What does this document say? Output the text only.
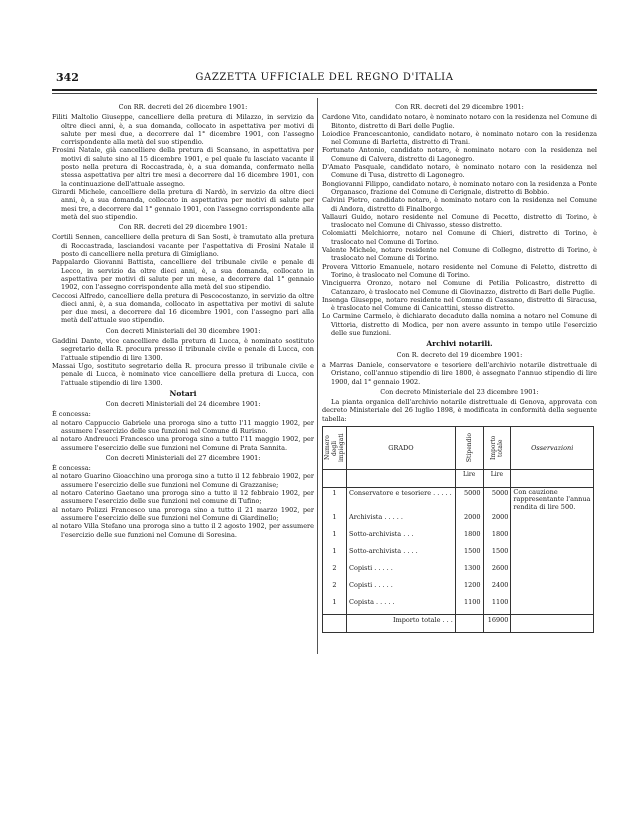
342	GAZZETTA UFFICIALE DEL REGNO D'ITALIA
Con RR. decreti del 26 dicembre 1901:

Filiti Maltolio Giuseppe, cancelliere della pretura di Milazzo, in servizio da oltre dieci anni, è, a sua domanda, collocato in aspettativa per motivi di salute per mesi due, a decorrere dal 1° dicembre 1901, con l'assegno corrispondente alla metà del suo stipendio.

Frosini Natale, già cancelliere della pretura di Scansano, in aspettativa per motivi di salute sino al 15 dicembre 1901, e pel quale fu lasciato vacante il posto nella pretura di Roccastrada, è, a sua domanda, confermato nella stessa aspettativa per altri tre mesi a decorrere dal 16 dicembre 1901, con la continuazione dell'attuale assegno.

Girardi Michele, cancelliere della pretura di Nardò, in servizio da oltre dieci anni, è, a sua domanda, collocato in aspettativa per motivi di salute per mesi tre, a decorrere dal 1° gennaio 1901, con l'assegno corrispondente alla metà del suo stipendio.

Con RR. decreti del 29 dicembre 1901:

Cortili Sennen, cancelliere della pretura di San Sosti, è tramutato alla pretura di Roccastrada, lasciandosi vacante per l'aspettativa di Frosini Natale il posto di cancelliere nella pretura di Gimigliano.

Pappalardo Giovanni Battista, cancelliere del tribunale civile e penale di Lecco, in servizio da oltre dieci anni, è, a sua domanda, collocato in aspettativa per motivi di salute per un mese, a decorrere dal 1° gennaio 1902, con l'assegno corrispondente alla metà del suo stipendio.

Ceccosi Alfredo, cancelliere della pretura di Pescocostanzo, in servizio da oltre dieci anni, è, a sua domanda, collocato in aspettativa per motivi di salute per due mesi, a decorrere dal 16 dicembre 1901, con l'assegno pari alla metà dell'attuale suo stipendio.

Con decreti Ministeriali del 30 dicembre 1901:

Gaddini Dante, vice cancelliere della pretura di Lucca, è nominato sostituto segretario della R. procura presso il tribunale civile e penale di Lucca, con l'attuale stipendio di lire 1300.

Massai Ugo, sostituto segretario della R. procura presso il tribunale civile e penale di Lucca, è nominato vice cancelliere della pretura di Lucca, con l'attuale stipendio di lire 1300.

Notari
Con decreti Ministeriali del 24 dicembre 1901:

È concessa:

al notaro Cappuccio Gabriele una proroga sino a tutto l'11 maggio 1902, per assumere l'esercizio delle sue funzioni nel Comune di Rurisno.

al notaro Andreucci Francesco una proroga sino a tutto l'11 maggio 1902, per assumere l'esercizio delle sue funzioni nel Comune di Prata Sannita.

Con decreti Ministeriali del 27 dicembre 1901:

È concessa:

al notaro Guarino Gioacchino una proroga sino a tutto il 12 febbraio 1902, per assumere l'esercizio delle sue funzioni nel Comune di Grazzanise;

al notaro Caterino Gaetano una proroga sino a tutto il 12 febbraio 1902, per assumere l'esercizio delle sue funzioni nel comune di Tufino;

al notaro Polizzi Francesco una proroga sino a tutto il 21 marzo 1902, per assumere l'esercizio delle sue funzioni nel Comune di Giardinello;

al notaro Villa Stefano una proroga sino a tutto il 2 agosto 1902, per assumere l'esercizio delle sue funzioni nel Comune di Soresina.

Con RR. decreti del 29 dicembre 1901:

Cardone Vito, candidato notaro, è nominato notaro con la residenza nel Comune di Bitonto, distretto di Bari delle Puglie.

Loiodice Francescantonio, candidato notaro, è nominato notaro con la residenza nel Comune di Barletta, distretto di Trani.

Fortunato Antonio, candidato notaro, è nominato notaro con la residenza nel Comune di Calvera, distretto di Lagonegro.

D'Amato Pasquale, candidato notaro, è nominato notaro con la residenza nel Comune di Tusa, distretto di Lagonegro.

Bongiovanni Filippo, candidato notaro, è nominato notaro con la residenza a Ponte Organasco, frazione del Comune di Cerignale, distretto di Bobbio.

Calvini Pietro, candidato notaro, è nominato notaro con la residenza nel Comune di Andora, distretto di Finalborgo.

Vallauri Guido, notaro residente nel Comune di Pecetto, distretto di Torino, è traslocato nel Comune di Chivasso, stesso distretto.

Colomiatti Melchiorre, notaro nel Comune di Chieri, distretto di Torino, è traslocato nel Comune di Torino.

Valente Michele, notaro residente nel Comune di Collegno, distretto di Torino, è traslocato nel Comune di Torino.

Provera Vittorio Emanuele, notaro residente nel Comune di Feletto, distretto di Torino, è traslocato nel Comune di Torino.

Vinciguerra Oronzo, notaro nel Comune di Petilia Policastro, distretto di Catanzaro, è traslocato nel Comune di Giovinazzo, distretto di Bari delle Puglie.

Insenga Giuseppe, notaro residente nel Comune di Cassano, distretto di Siracusa, è traslocato nel Comune di Canicattini, stesso distretto.

Lo Carmine Carmelo, è dichiarato decaduto dalla nomina a notaro nel Comune di Vittoria, distretto di Modica, per non avere assunto in tempo utile l'esercizio delle sue funzioni.

Archivi notarili.
Con R. decreto del 19 dicembre 1901:

a Marras Daniele, conservatore e tesoriere dell'archivio notarile distrettuale di Oristano, coll'annuo stipendio di lire 1800, è assegnato l'annuo stipendio di lire 1900, dal 1° gennaio 1902.

Con decreto Ministeriale del 23 dicembre 1901:

La pianta organica dell'archivio notarile distrettuale di Genova, approvata con decreto Ministeriale del 26 luglio 1898, è modificata in conformità della seguente tabella:

Numero degli impiegati	GRADO	Stipendio	Importo totale	Osservazioni
		Lire	Lire	
1	Conservatore e tesoriere . . . . .	5000	5000	Con cauzione rappresentante l'annua rendita di lire 500.
1	Archivista . . . . .	2000	2000	
1	Sotto-archivista . . .	1800	1800	
1	Sotto-archivista . . . .	1500	1500	
2	Copisti . . . . .	1300	2600	
2	Copisti . . . . .	1200	2400	
1	Copista . . . . .	1100	1100	
	Importo totale . . .		16900	
